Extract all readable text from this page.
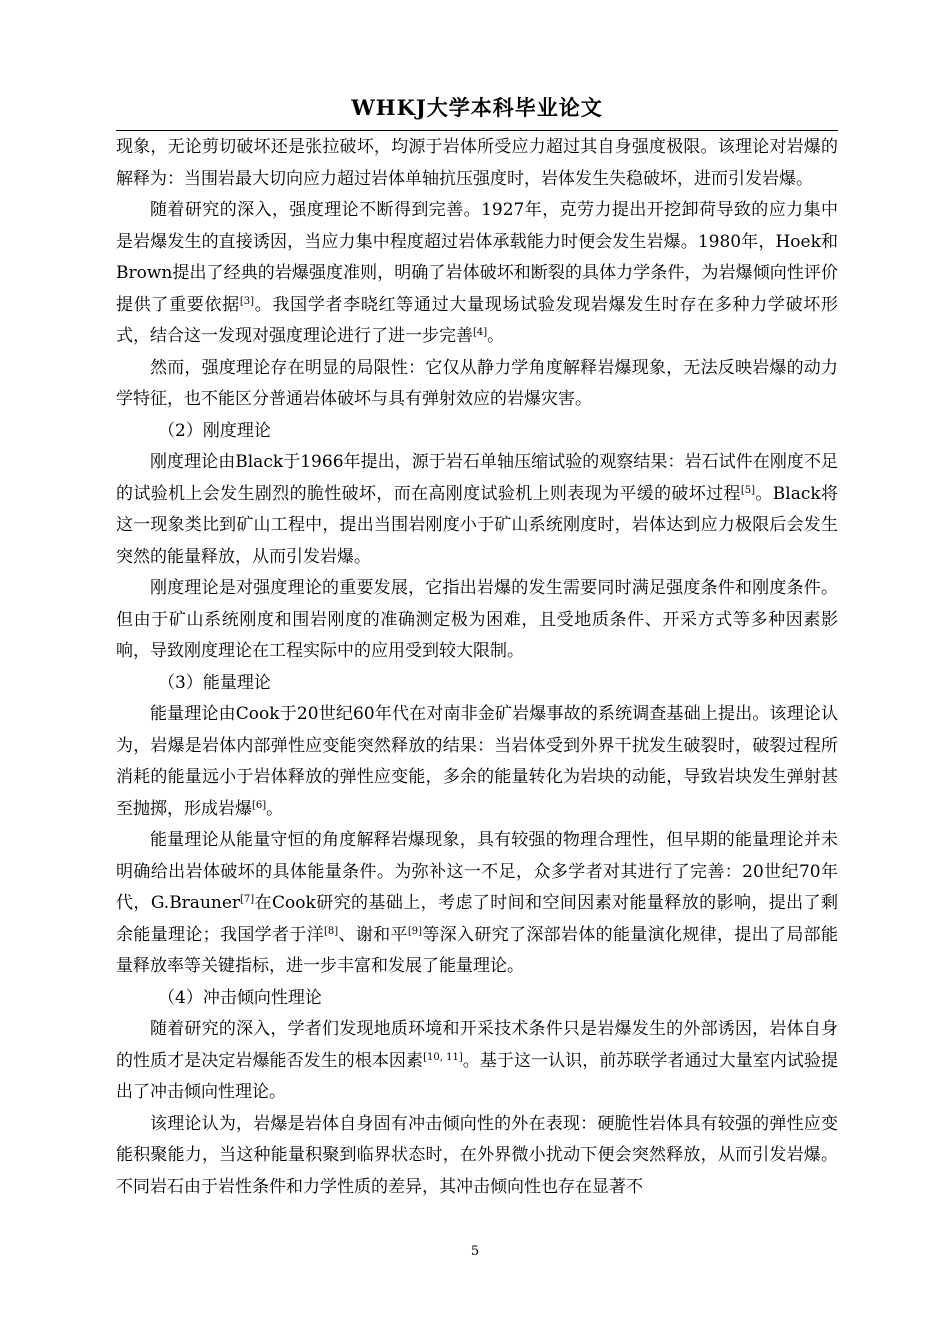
WHKJ大学本科毕业论文

现象，无论剪切破坏还是张拉破坏，均源于岩体所受应力超过其自身强度极限。该理论对岩爆的解释为：当围岩最大切向应力超过岩体单轴抗压强度时，岩体发生失稳破坏，进而引发岩爆。

随着研究的深入，强度理论不断得到完善。1927年，克劳力提出开挖卸荷导致的应力集中是岩爆发生的直接诱因，当应力集中程度超过岩体承载能力时便会发生岩爆。1980年，Hoek和Brown提出了经典的岩爆强度准则，明确了岩体破坏和断裂的具体力学条件，为岩爆倾向性评价提供了重要依据[3]。我国学者李晓红等通过大量现场试验发现岩爆发生时存在多种力学破坏形式，结合这一发现对强度理论进行了进一步完善[4]。

然而，强度理论存在明显的局限性：它仅从静力学角度解释岩爆现象，无法反映岩爆的动力学特征，也不能区分普通岩体破坏与具有弹射效应的岩爆灾害。

（2）刚度理论

刚度理论由Black于1966年提出，源于岩石单轴压缩试验的观察结果：岩石试件在刚度不足的试验机上会发生剧烈的脆性破坏，而在高刚度试验机上则表现为平缓的破坏过程[5]。Black将这一现象类比到矿山工程中，提出当围岩刚度小于矿山系统刚度时，岩体达到应力极限后会发生突然的能量释放，从而引发岩爆。

刚度理论是对强度理论的重要发展，它指出岩爆的发生需要同时满足强度条件和刚度条件。但由于矿山系统刚度和围岩刚度的准确测定极为困难，且受地质条件、开采方式等多种因素影响，导致刚度理论在工程实际中的应用受到较大限制。

（3）能量理论

能量理论由Cook于20世纪60年代在对南非金矿岩爆事故的系统调查基础上提出。该理论认为，岩爆是岩体内部弹性应变能突然释放的结果：当岩体受到外界干扰发生破裂时，破裂过程所消耗的能量远小于岩体释放的弹性应变能，多余的能量转化为岩块的动能，导致岩块发生弹射甚至抛掷，形成岩爆[6]。

能量理论从能量守恒的角度解释岩爆现象，具有较强的物理合理性，但早期的能量理论并未明确给出岩体破坏的具体能量条件。为弥补这一不足，众多学者对其进行了完善：20世纪70年代，G.Brauner[7]在Cook研究的基础上，考虑了时间和空间因素对能量释放的影响，提出了剩余能量理论；我国学者于洋[8]、谢和平[9]等深入研究了深部岩体的能量演化规律，提出了局部能量释放率等关键指标，进一步丰富和发展了能量理论。

（4）冲击倾向性理论

随着研究的深入，学者们发现地质环境和开采技术条件只是岩爆发生的外部诱因，岩体自身的性质才是决定岩爆能否发生的根本因素[10, 11]。基于这一认识，前苏联学者通过大量室内试验提出了冲击倾向性理论。

该理论认为，岩爆是岩体自身固有冲击倾向性的外在表现：硬脆性岩体具有较强的弹性应变能积聚能力，当这种能量积聚到临界状态时，在外界微小扰动下便会突然释放，从而引发岩爆。不同岩石由于岩性条件和力学性质的差异，其冲击倾向性也存在显著不

5
